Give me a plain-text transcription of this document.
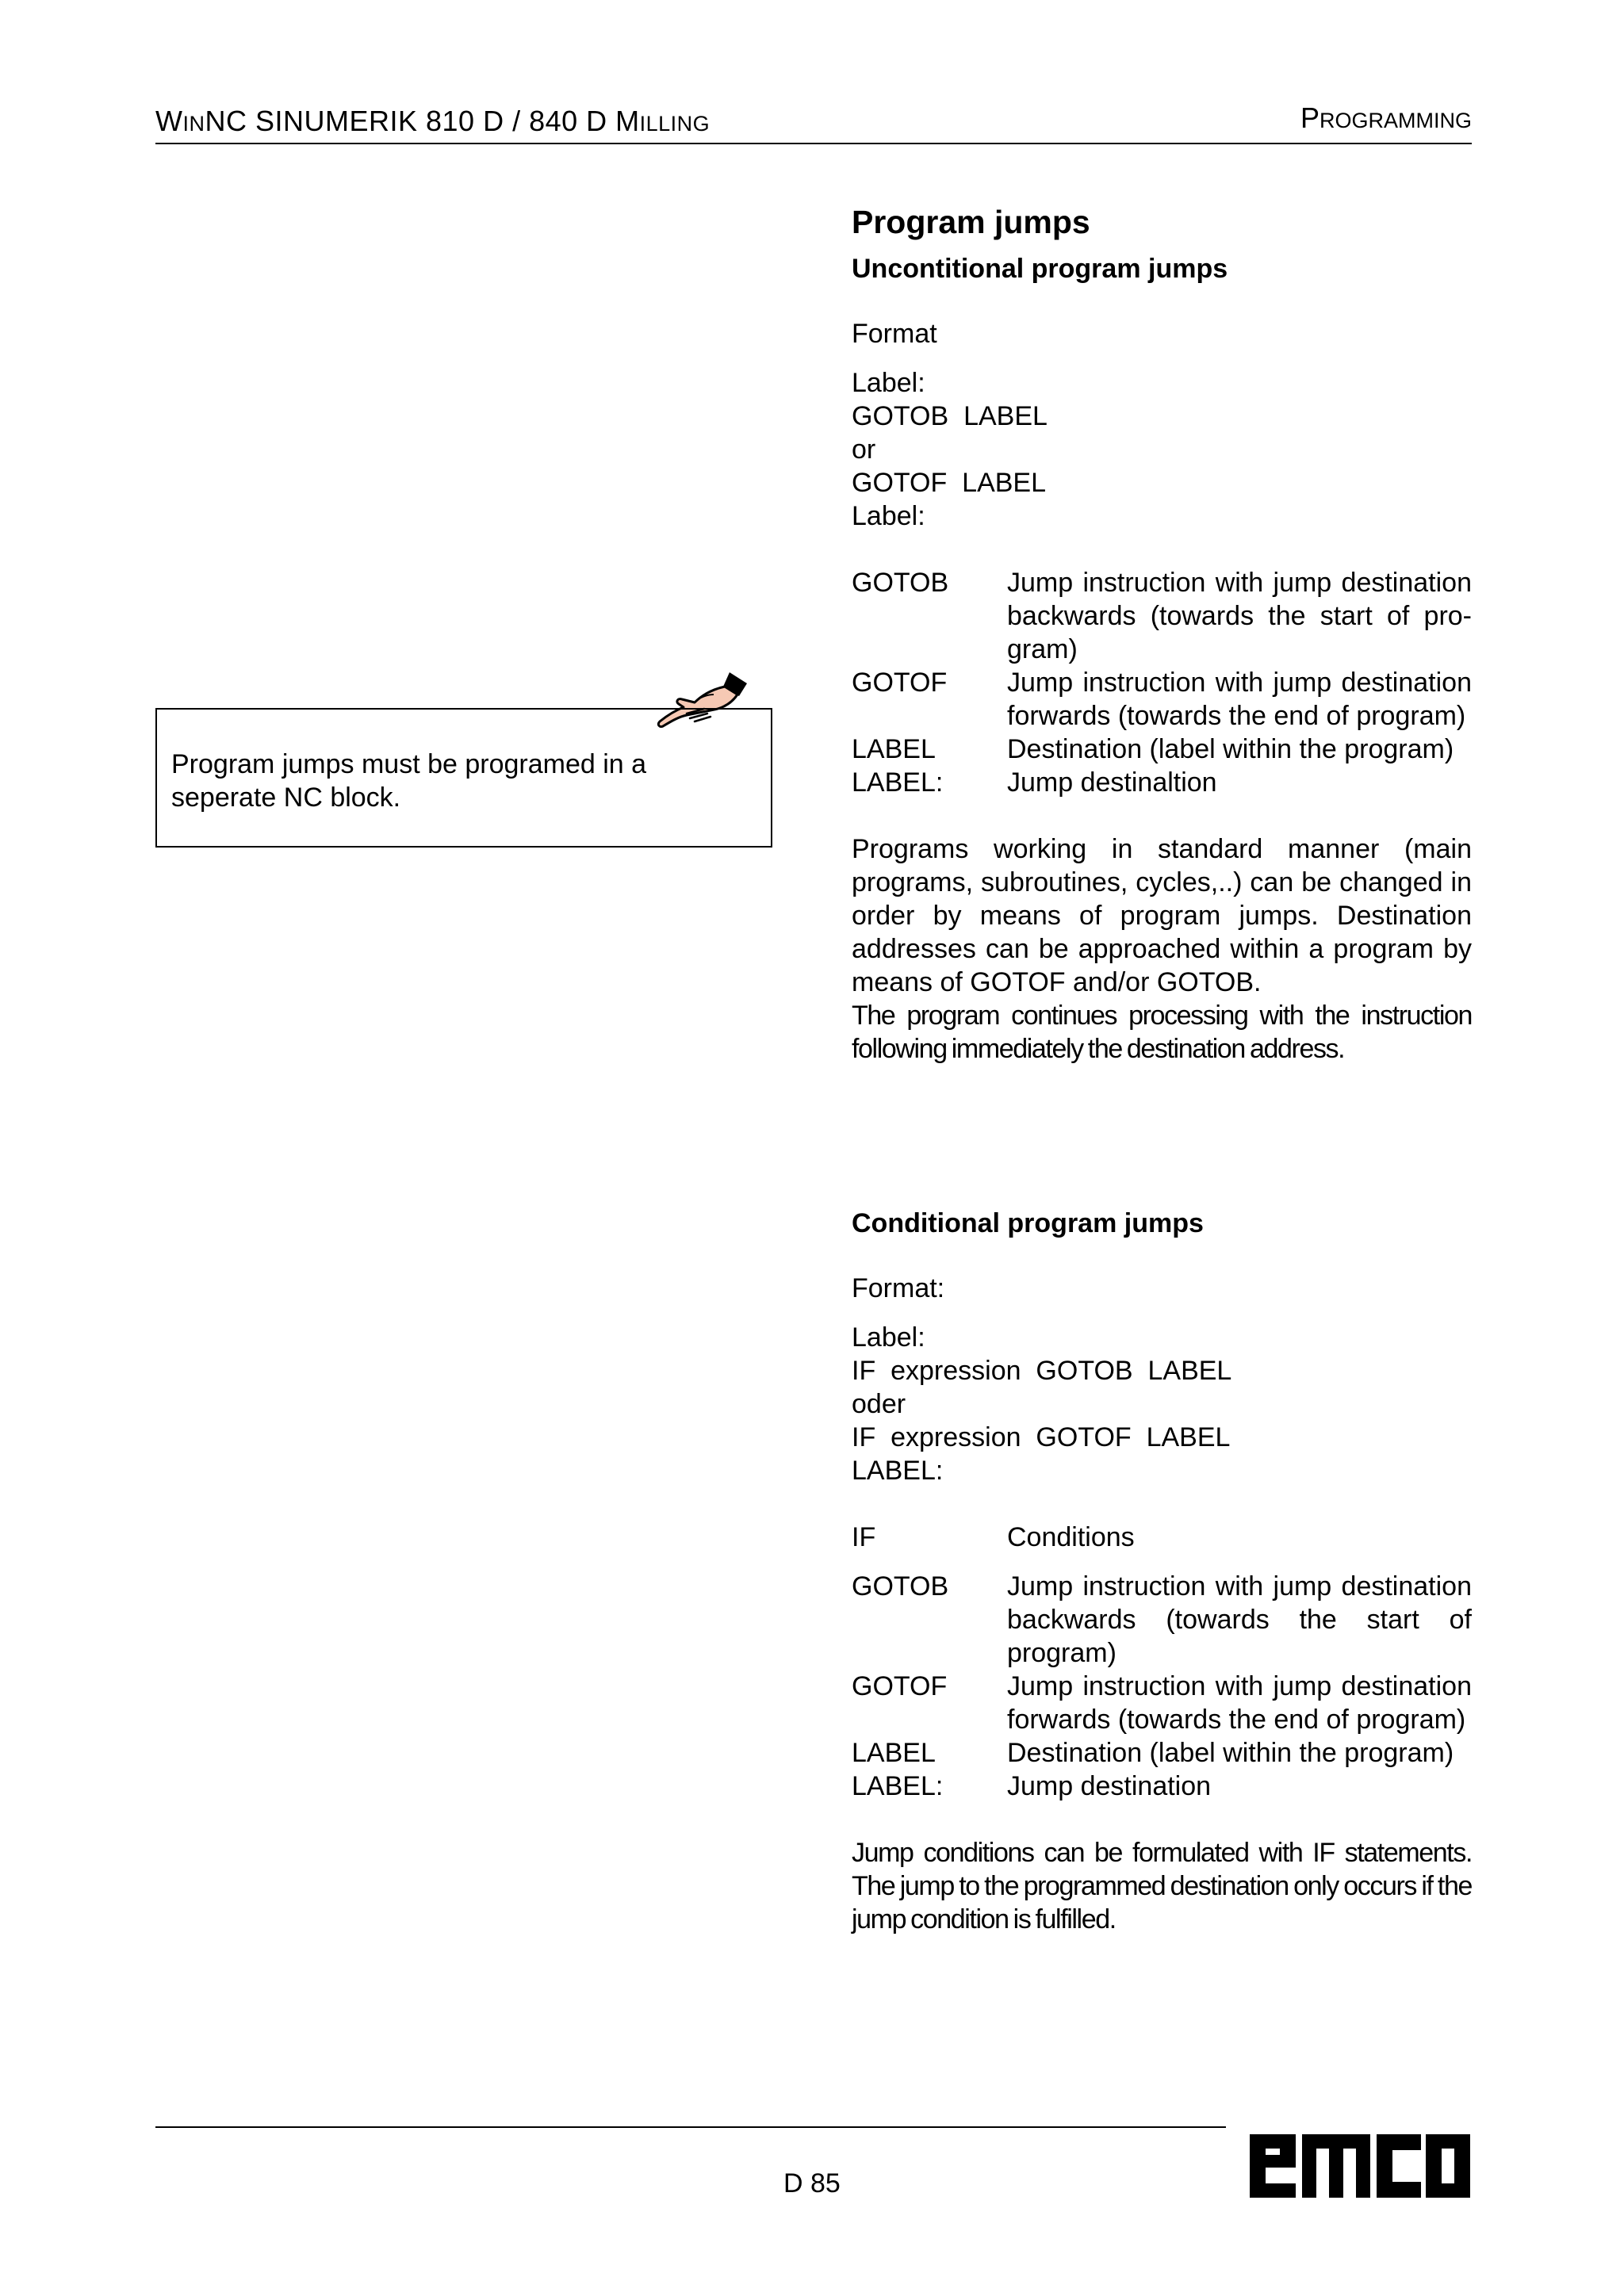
WINNC SINUMERIK 810 D / 840 D MILLING	PROGRAMMING
Program jumps must be programed in a seperate NC block.
Program jumps
Uncontitional program jumps
Format
Label:
GOTOB  LABEL
or
GOTOF  LABEL
Label:
GOTOB	Jump instruction with jump destination backwards (towards the start of pro-gram)
GOTOF	Jump instruction with jump destination forwards (towards the end of program)
LABEL	Destination (label within the program)
LABEL:	Jump destinaltion

Programs working in standard manner (main programs, subroutines, cycles,..) can be changed in order by means of program jumps. Destination addresses can be approached within a program by means of GOTOF and/or GOTOB.

The program continues processing with the instruction following immediately the destination address.

Conditional program jumps
Format:
Label:
IF  expression  GOTOB  LABEL
oder
IF  expression  GOTOF  LABEL
LABEL:
IF	Conditions
GOTOB	Jump instruction with jump destination backwards (towards the start of program)
GOTOF	Jump instruction with jump destination forwards (towards the end of program)
LABEL	Destination (label within the program)
LABEL:	Jump destination

Jump conditions can be formulated with IF statements. The jump to the programmed destination only occurs if the jump condition is fulfilled.

D 85
